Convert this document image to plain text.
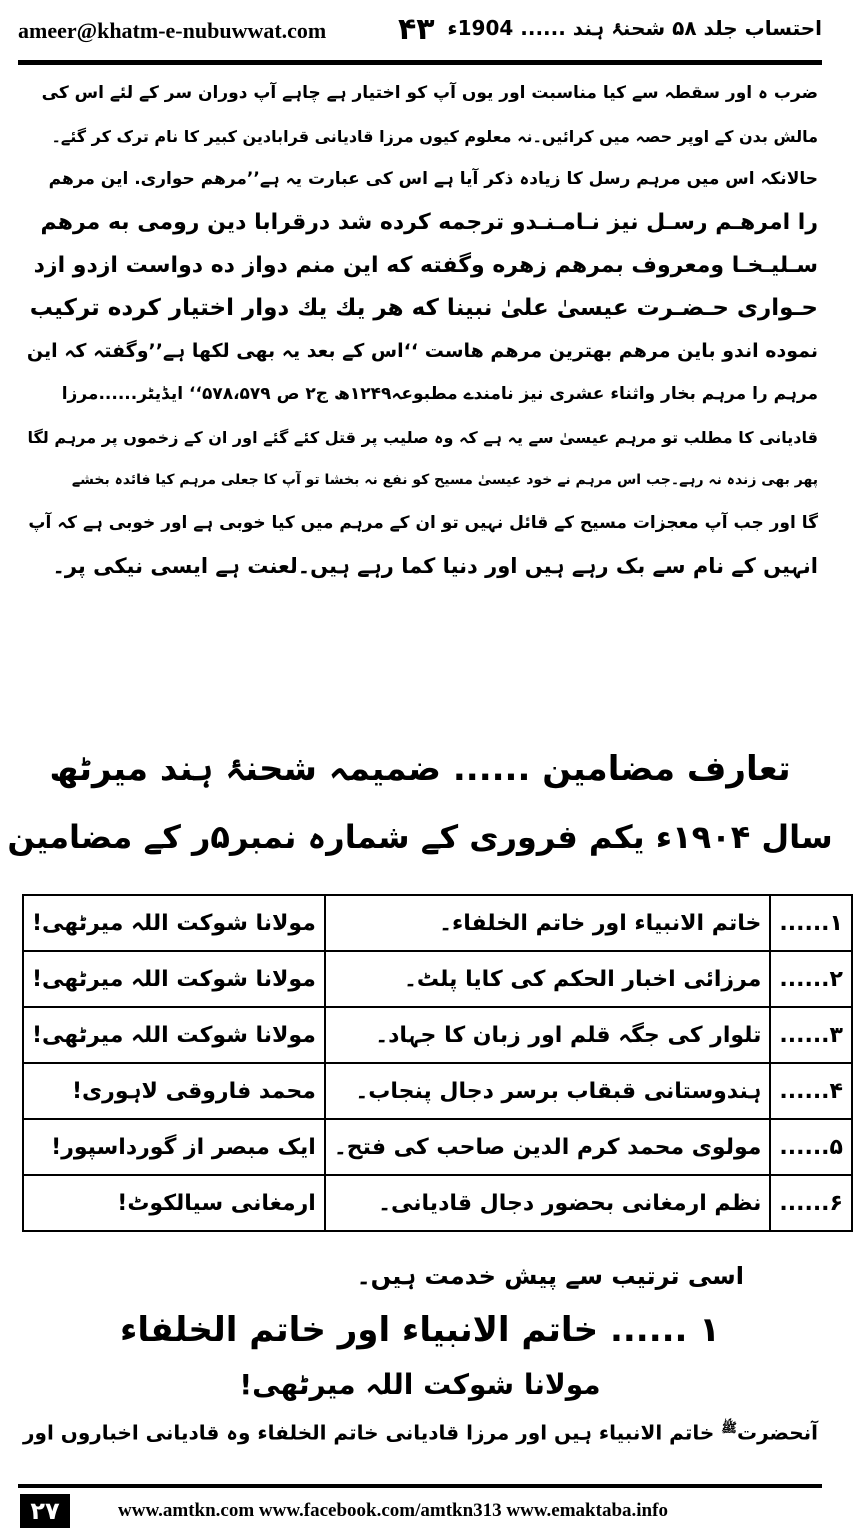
ameer@khatm-e-nubuwwat.com ۴۳ احتساب جلد ۵۸ شحنۂ ہند ...... 1904ء
ضرب ہ اور سقطہ سے کیا مناسبت اور یوں آپ کو اختیار ہے چاہے آپ دوران سر کے لئے اس کی
مالش بدن کے اوپر حصہ میں کرائیں۔نہ معلوم کیوں مرزا قادیانی قرابادین کبیر کا نام ترک کر گئے۔
حالانکہ اس میں مرہم رسل کا زیادہ ذکر آیا ہے اس کی عبارت یہ ہے’’مرهم حواری. این مرهم
را امرهـم رسـل نیز نـامـنـدو ترجمه کرده شد درقرابا دین رومی به مرهم
سـلیـخـا ومعروف بمرهم زهره وگفته که این منم دواز ده دواست ازدو ازد
حـواری حـضـرت عیسیٰ علیٰ نبینا که هر یك یك دوار اختیار کرده ترکیب
نموده اندو باین مرهم بهترین مرهم هاست ‘‘اس کے بعد یہ بھی لکھا ہے’’وگفتہ کہ این
مرہم را مرہم بخار واثناء عشری نیز نامندے مطبوعہ۱۲۴۹ھ ج۲ ص ۵۷۸،۵۷۹‘‘ ایڈیٹر......مرزا
قادیانی کا مطلب تو مرہم عیسیٰ سے یہ ہے کہ وہ صلیب پر قتل کئے گئے اور ان کے زخموں پر مرہم لگا
پھر بھی زندہ نہ رہے۔جب اس مرہم نے خود عیسیٰ مسیح کو نفع نہ بخشا تو آپ کا جعلی مرہم کیا فائدہ بخشے
گا اور جب آپ معجزات مسیح کے قائل نہیں تو ان کے مرہم میں کیا خوبی ہے اور خوبی ہے کہ آپ
انہیں کے نام سے بک رہے ہیں اور دنیا کما رہے ہیں۔لعنت ہے ایسی نیکی پر۔
تعارف مضامین ...... ضمیمہ شحنۂ ہند میرٹھ
سال ۱۹۰۴ء یکم فروری کے شمارہ نمبر۵ر کے مضامین
۱......	خاتم الانبیاء اور خاتم الخلفاء۔	مولانا شوکت اللہ میرٹھی!
۲......	مرزائی اخبار الحکم کی کایا پلٹ۔	مولانا شوکت اللہ میرٹھی!
۳......	تلوار کی جگہ قلم اور زبان کا جہاد۔	مولانا شوکت اللہ میرٹھی!
۴......	ہندوستانی قبقاب برسر دجال پنجاب۔	محمد فاروقی لاہوری!
۵......	مولوی محمد کرم الدین صاحب کی فتح۔	ایک مبصر از گورداسپور!
۶......	نظم ارمغانی بحضور دجال قادیانی۔	ارمغانی سیالکوٹ!
اسی ترتیب سے پیش خدمت ہیں۔
۱ ...... خاتم الانبیاء اور خاتم الخلفاء
مولانا شوکت اللہ میرٹھی!
آنحضرت$^ﷺ$ خاتم الانبیاء ہیں اور مرزا قادیانی خاتم الخلفاء وہ قادیانی اخباروں اور
۲۷	www.amtkn.com www.facebook.com/amtkn313 www.emaktaba.info
